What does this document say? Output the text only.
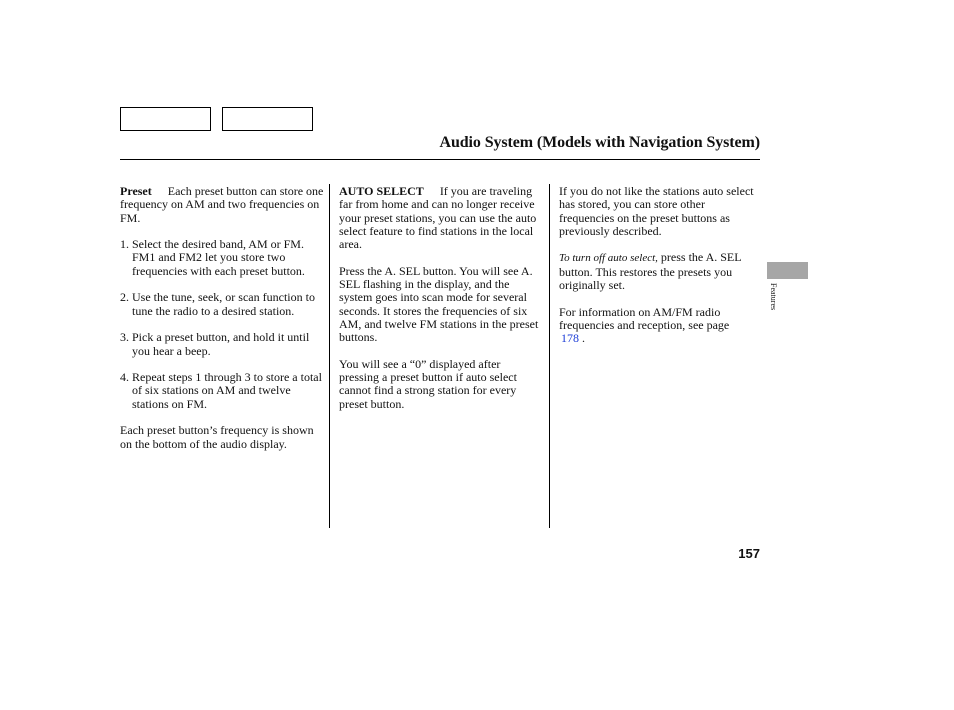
Audio System (Models with Navigation System)

Preset Each preset button can store one frequency on AM and two frequencies on FM.

1. Select the desired band, AM or FM. FM1 and FM2 let you store two frequencies with each preset button.

2. Use the tune, seek, or scan function to tune the radio to a desired station.

3. Pick a preset button, and hold it until you hear a beep.

4. Repeat steps 1 through 3 to store a total of six stations on AM and twelve stations on FM.

Each preset button’s frequency is shown on the bottom of the audio display.

AUTO SELECT If you are traveling far from home and can no longer receive your preset stations, you can use the auto select feature to find stations in the local area.

Press the A. SEL button. You will see A. SEL flashing in the display, and the system goes into scan mode for several seconds. It stores the frequencies of six AM, and twelve FM stations in the preset buttons.

You will see a “0” displayed after pressing a preset button if auto select cannot find a strong station for every preset button.

If you do not like the stations auto select has stored, you can store other frequencies on the preset buttons as previously described.

To turn off auto select, press the A. SEL button. This restores the presets you originally set.

For information on AM/FM radio frequencies and reception, see page
178 .

Features
157
